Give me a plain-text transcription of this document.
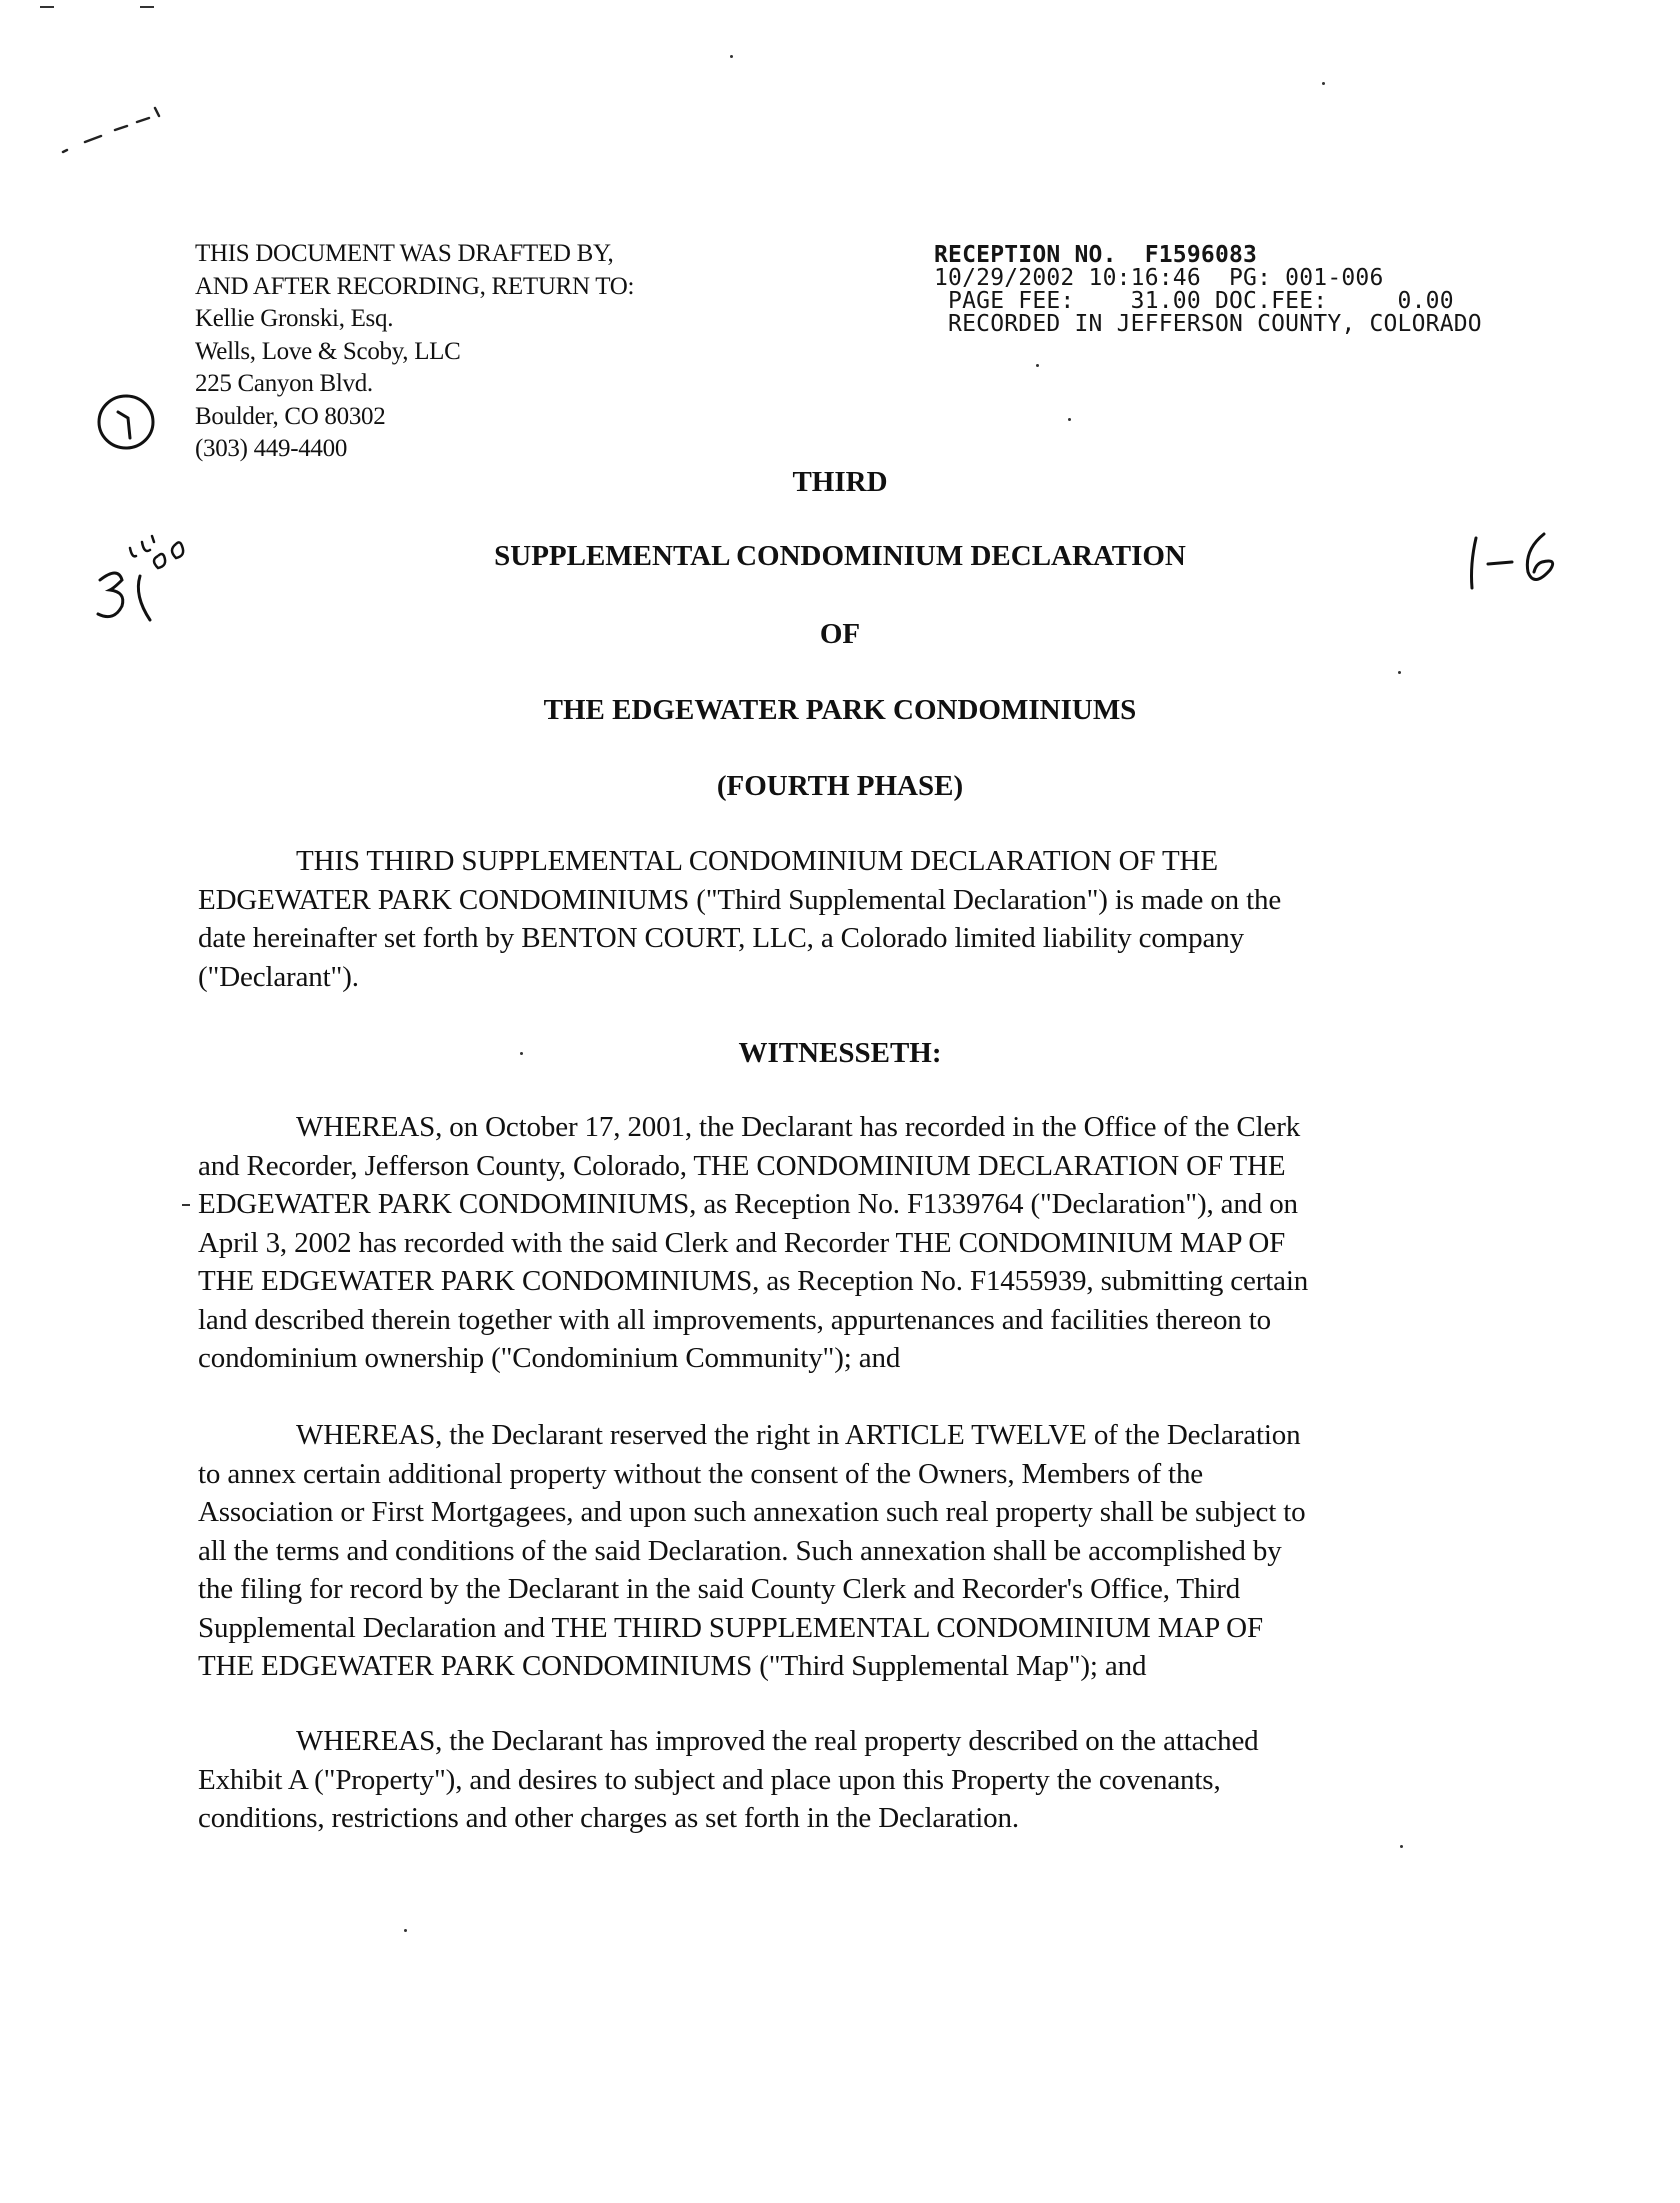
THIS DOCUMENT WAS DRAFTED BY,
AND AFTER RECORDING, RETURN TO:
Kellie Gronski, Esq.
Wells, Love & Scoby, LLC
225 Canyon Blvd.
Boulder, CO 80302
(303) 449-4400
RECEPTION NO.  F1596083
10/29/2002 10:16:46  PG: 001-006
PAGE FEE:    31.00 DOC.FEE:     0.00
RECORDED IN JEFFERSON COUNTY, COLORADO
THIRD
SUPPLEMENTAL CONDOMINIUM DECLARATION
OF
THE EDGEWATER PARK CONDOMINIUMS
(FOURTH PHASE)
THIS THIRD SUPPLEMENTAL CONDOMINIUM DECLARATION OF THE
EDGEWATER PARK CONDOMINIUMS ("Third Supplemental Declaration") is made on the
date hereinafter set forth by BENTON COURT, LLC, a Colorado limited liability company
("Declarant").
WITNESSETH:
WHEREAS, on October 17, 2001, the Declarant has recorded in the Office of the Clerk
and Recorder, Jefferson County, Colorado, THE CONDOMINIUM DECLARATION OF THE
EDGEWATER PARK CONDOMINIUMS, as Reception No. F1339764 ("Declaration"), and on
April 3, 2002 has recorded with the said Clerk and Recorder THE CONDOMINIUM MAP OF
THE EDGEWATER PARK CONDOMINIUMS, as Reception No. F1455939, submitting certain
land described therein together with all improvements, appurtenances and facilities thereon to
condominium ownership ("Condominium Community"); and
WHEREAS, the Declarant reserved the right in ARTICLE TWELVE of the Declaration
to annex certain additional property without the consent of the Owners, Members of the
Association or First Mortgagees, and upon such annexation such real property shall be subject to
all the terms and conditions of the said Declaration. Such annexation shall be accomplished by
the filing for record by the Declarant in the said County Clerk and Recorder's Office, Third
Supplemental Declaration and THE THIRD SUPPLEMENTAL CONDOMINIUM MAP OF
THE EDGEWATER PARK CONDOMINIUMS ("Third Supplemental Map"); and
WHEREAS, the Declarant has improved the real property described on the attached
Exhibit A ("Property"), and desires to subject and place upon this Property the covenants,
conditions, restrictions and other charges as set forth in the Declaration.
